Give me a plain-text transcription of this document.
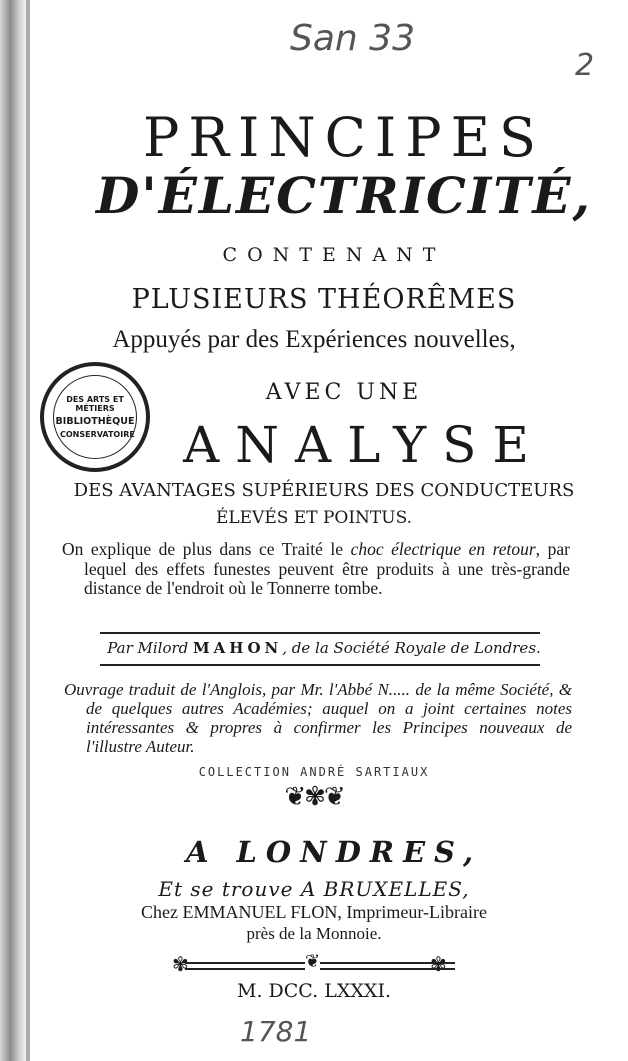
San 33
2
PRINCIPES
D'ÉLECTRICITÉ,
CONTENANT
PLUSIEURS THÉORÊMES
Appuyés par des Expériences nouvelles,
AVEC UNE
ANALYSE
DES AVANTAGES SUPÉRIEURS DES CONDUCTEURS
ÉLEVÉS ET POINTUS.
DES ARTS ET MÉTIERS
BIBLIOTHÈQUE
CONSERVATOIRE
On explique de plus dans ce Traité le choc électrique en retour, par lequel des effets funestes peuvent être produits à une très-grande distance de l'endroit où le Tonnerre tombe.
Par Milord MAHON, de la Société Royale de Londres.
Ouvrage traduit de l'Anglois, par Mr. l'Abbé N..... de la même Société, & de quelques autres Académies; auquel on a joint certaines notes intéressantes & propres à confirmer les Principes nouveaux de l'illustre Auteur.
COLLECTION ANDRÉ SARTIAUX
❦✾❦
A LONDRES,
Et se trouve A BRUXELLES,
Chez EMMANUEL FLON, Imprimeur-Libraire
près de la Monnoie.
✾	✾
❦
M. DCC. LXXXI.
1781
